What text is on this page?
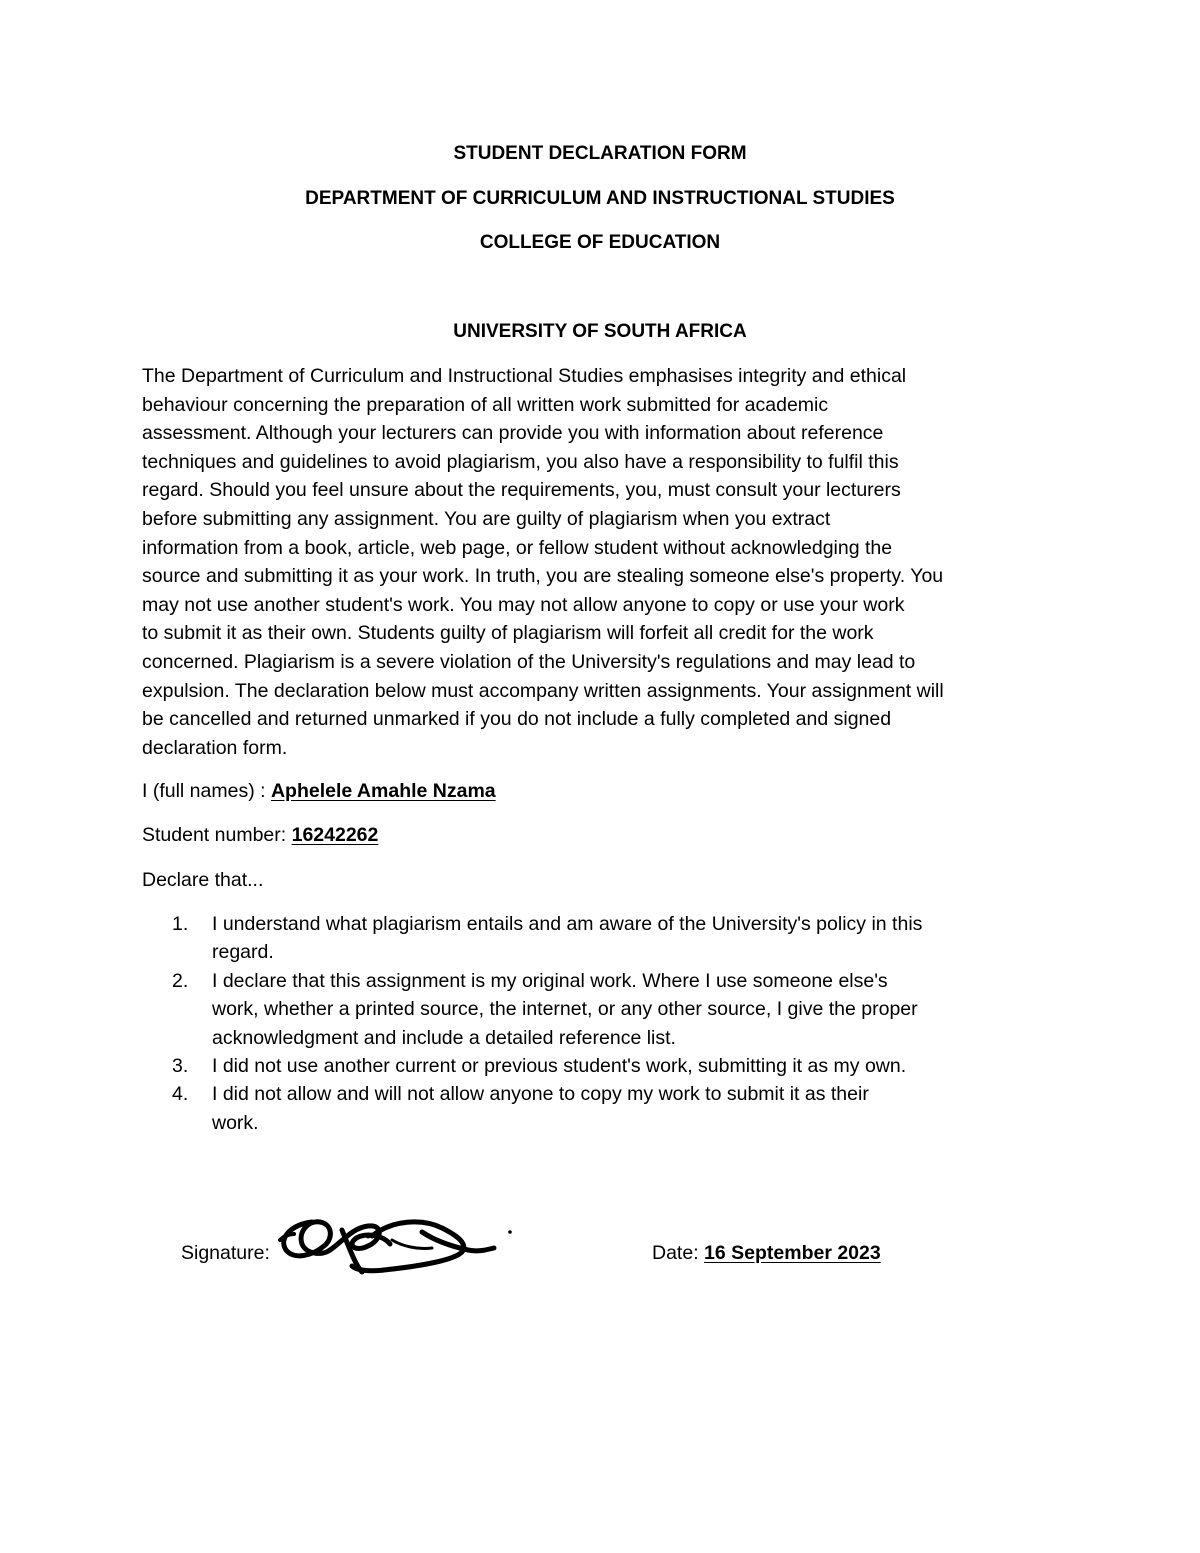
STUDENT DECLARATION FORM
DEPARTMENT OF CURRICULUM AND INSTRUCTIONAL STUDIES
COLLEGE OF EDUCATION
UNIVERSITY OF SOUTH AFRICA
The Department of Curriculum and Instructional Studies emphasises integrity and ethical
behaviour concerning the preparation of all written work submitted for academic
assessment. Although your lecturers can provide you with information about reference
techniques and guidelines to avoid plagiarism, you also have a responsibility to fulfil this
regard. Should you feel unsure about the requirements, you, must consult your lecturers
before submitting any assignment. You are guilty of plagiarism when you extract
information from a book, article, web page, or fellow student without acknowledging the
source and submitting it as your work. In truth, you are stealing someone else's property. You
may not use another student's work. You may not allow anyone to copy or use your work
to submit it as their own. Students guilty of plagiarism will forfeit all credit for the work
concerned. Plagiarism is a severe violation of the University's regulations and may lead to
expulsion. The declaration below must accompany written assignments. Your assignment will
be cancelled and returned unmarked if you do not include a fully completed and signed
declaration form.
I (full names) : Aphelele Amahle Nzama
Student number: 16242262
Declare that...
1. I understand what plagiarism entails and am aware of the University's policy in this
regard.
2. I declare that this assignment is my original work. Where I use someone else's
work, whether a printed source, the internet, or any other source, I give the proper
acknowledgment and include a detailed reference list.
3. I did not use another current or previous student's work, submitting it as my own.
4. I did not allow and will not allow anyone to copy my work to submit it as their
work.
Signature:	Date: 16 September 2023
